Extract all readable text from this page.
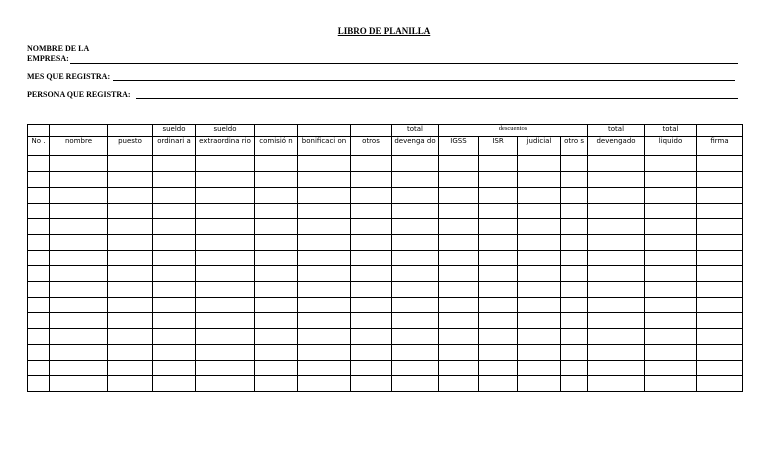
LIBRO DE PLANILLA
NOMBRE DE LA
EMPRESA:
MES QUE REGISTRA:
PERSONA QUE REGISTRA:
			sueldo	sueldo				total	descuentos				total	total	
No .	nombre	puesto	ordinari a	extraordina rio	comisió n	bonificaci on	otros	devenga do	IGSS	ISR	judicial	otro s	devengado	liquido	firma
